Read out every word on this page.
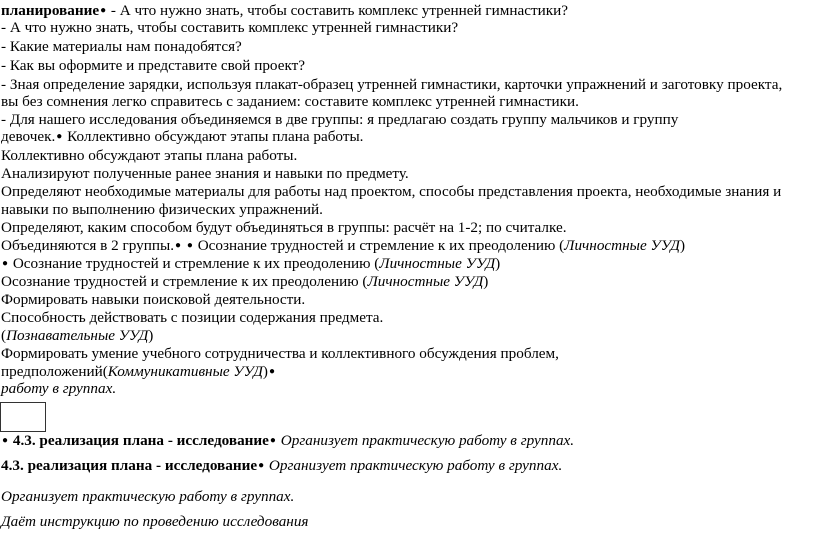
планирование● - А что нужно знать, чтобы составить комплекс утренней гимнастики?
- А что нужно знать, чтобы составить комплекс утренней гимнастики?
- Какие материалы нам понадобятся?
- Как вы оформите и представите свой проект?
- Зная определение зарядки, используя плакат-образец утренней гимнастики, карточки упражнений и заготовку проекта,
вы без сомнения легко справитесь с заданием: составите комплекс утренней гимнастики.
- Для нашего исследования объединяемся в две группы: я предлагаю создать группу мальчиков и группу
девочек.● Коллективно обсуждают этапы плана работы.
Коллективно обсуждают этапы плана работы.
Анализируют полученные ранее знания и навыки по предмету.
Определяют необходимые материалы для работы над проектом, способы представления проекта, необходимые знания и
навыки по выполнению физических упражнений.
Определяют, каким способом будут объединяться в группы: расчёт на 1-2; по считалке.
Объединяются в 2 группы.● ● Осознание трудностей и стремление к их преодолению (Личностные УУД)
● Осознание трудностей и стремление к их преодолению (Личностные УУД)
Осознание трудностей и стремление к их преодолению (Личностные УУД)
Формировать навыки поисковой деятельности.
Способность действовать с позиции содержания предмета.
(Познавательные УУД)
Формировать умение учебного сотрудничества и коллективного обсуждения проблем,
предположений(Коммуникативные УУД)●
работу в группах.
● 4.3. реализация плана - исследование● Организует практическую работу в группах.
4.3. реализация плана - исследование● Организует практическую работу в группах.
Организует практическую работу в группах.
Даёт инструкцию по проведению исследования
